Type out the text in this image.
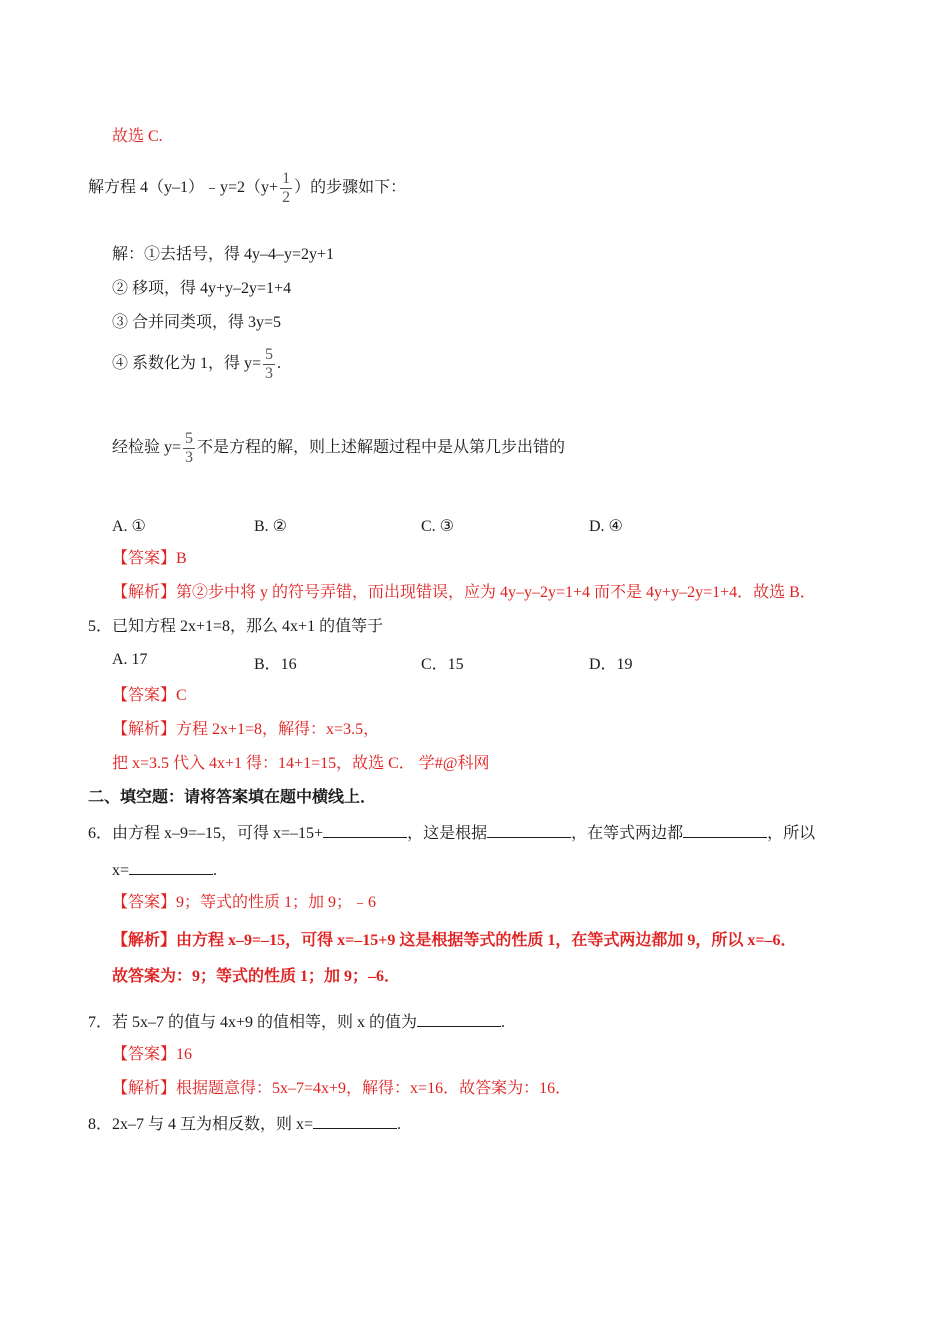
故选 C.
解方程 4（y–1）﹣y=2（y+ $\frac{1}{2}$ ）的步骤如下：
解：①去括号，得 4y–4–y=2y+1
② 移项，得 4y+y–2y=1+4
③ 合并同类项，得 3y=5
④ 系数化为 1，得 $y= \frac{5}{3}$ .
经检验 $y= \frac{5}{3}$ 不是方程的解，则上述解题过程中是从第几步出错的
A. ①	B. ②	C. ③	D. ④
【答案】B
【解析】第②步中将 y 的符号弄错，而出现错误，应为 4y–y–2y=1+4 而不是 4y+y–2y=1+4．故选 B．
5．已知方程 2x+1=8，那么 4x+1 的值等于
A. 17	B．16	C．15	D．19
【答案】C
【解析】方程 2x+1=8，解得：x=3.5，
把 x=3.5 代入 4x+1 得：14+1=15，故选 C． 学#@科网
二、填空题：请将答案填在题中横线上．
6．由方程 x–9=–15，可得 x=–15+	，这是根据	，在等式两边都	，所以
x=	.
【答案】9；等式的性质 1；加 9；﹣6
【解析】由方程 x–9=–15，可得 x=–15+9 这是根据等式的性质 1，在等式两边都加 9，所以 x=–6．
故答案为：9；等式的性质 1；加 9；–6．
7．若 5x–7 的值与 4x+9 的值相等，则 x 的值为	.
【答案】16
【解析】根据题意得：5x–7=4x+9，解得：x=16．故答案为：16．
8．2x–7 与 4 互为相反数，则 x=	.
